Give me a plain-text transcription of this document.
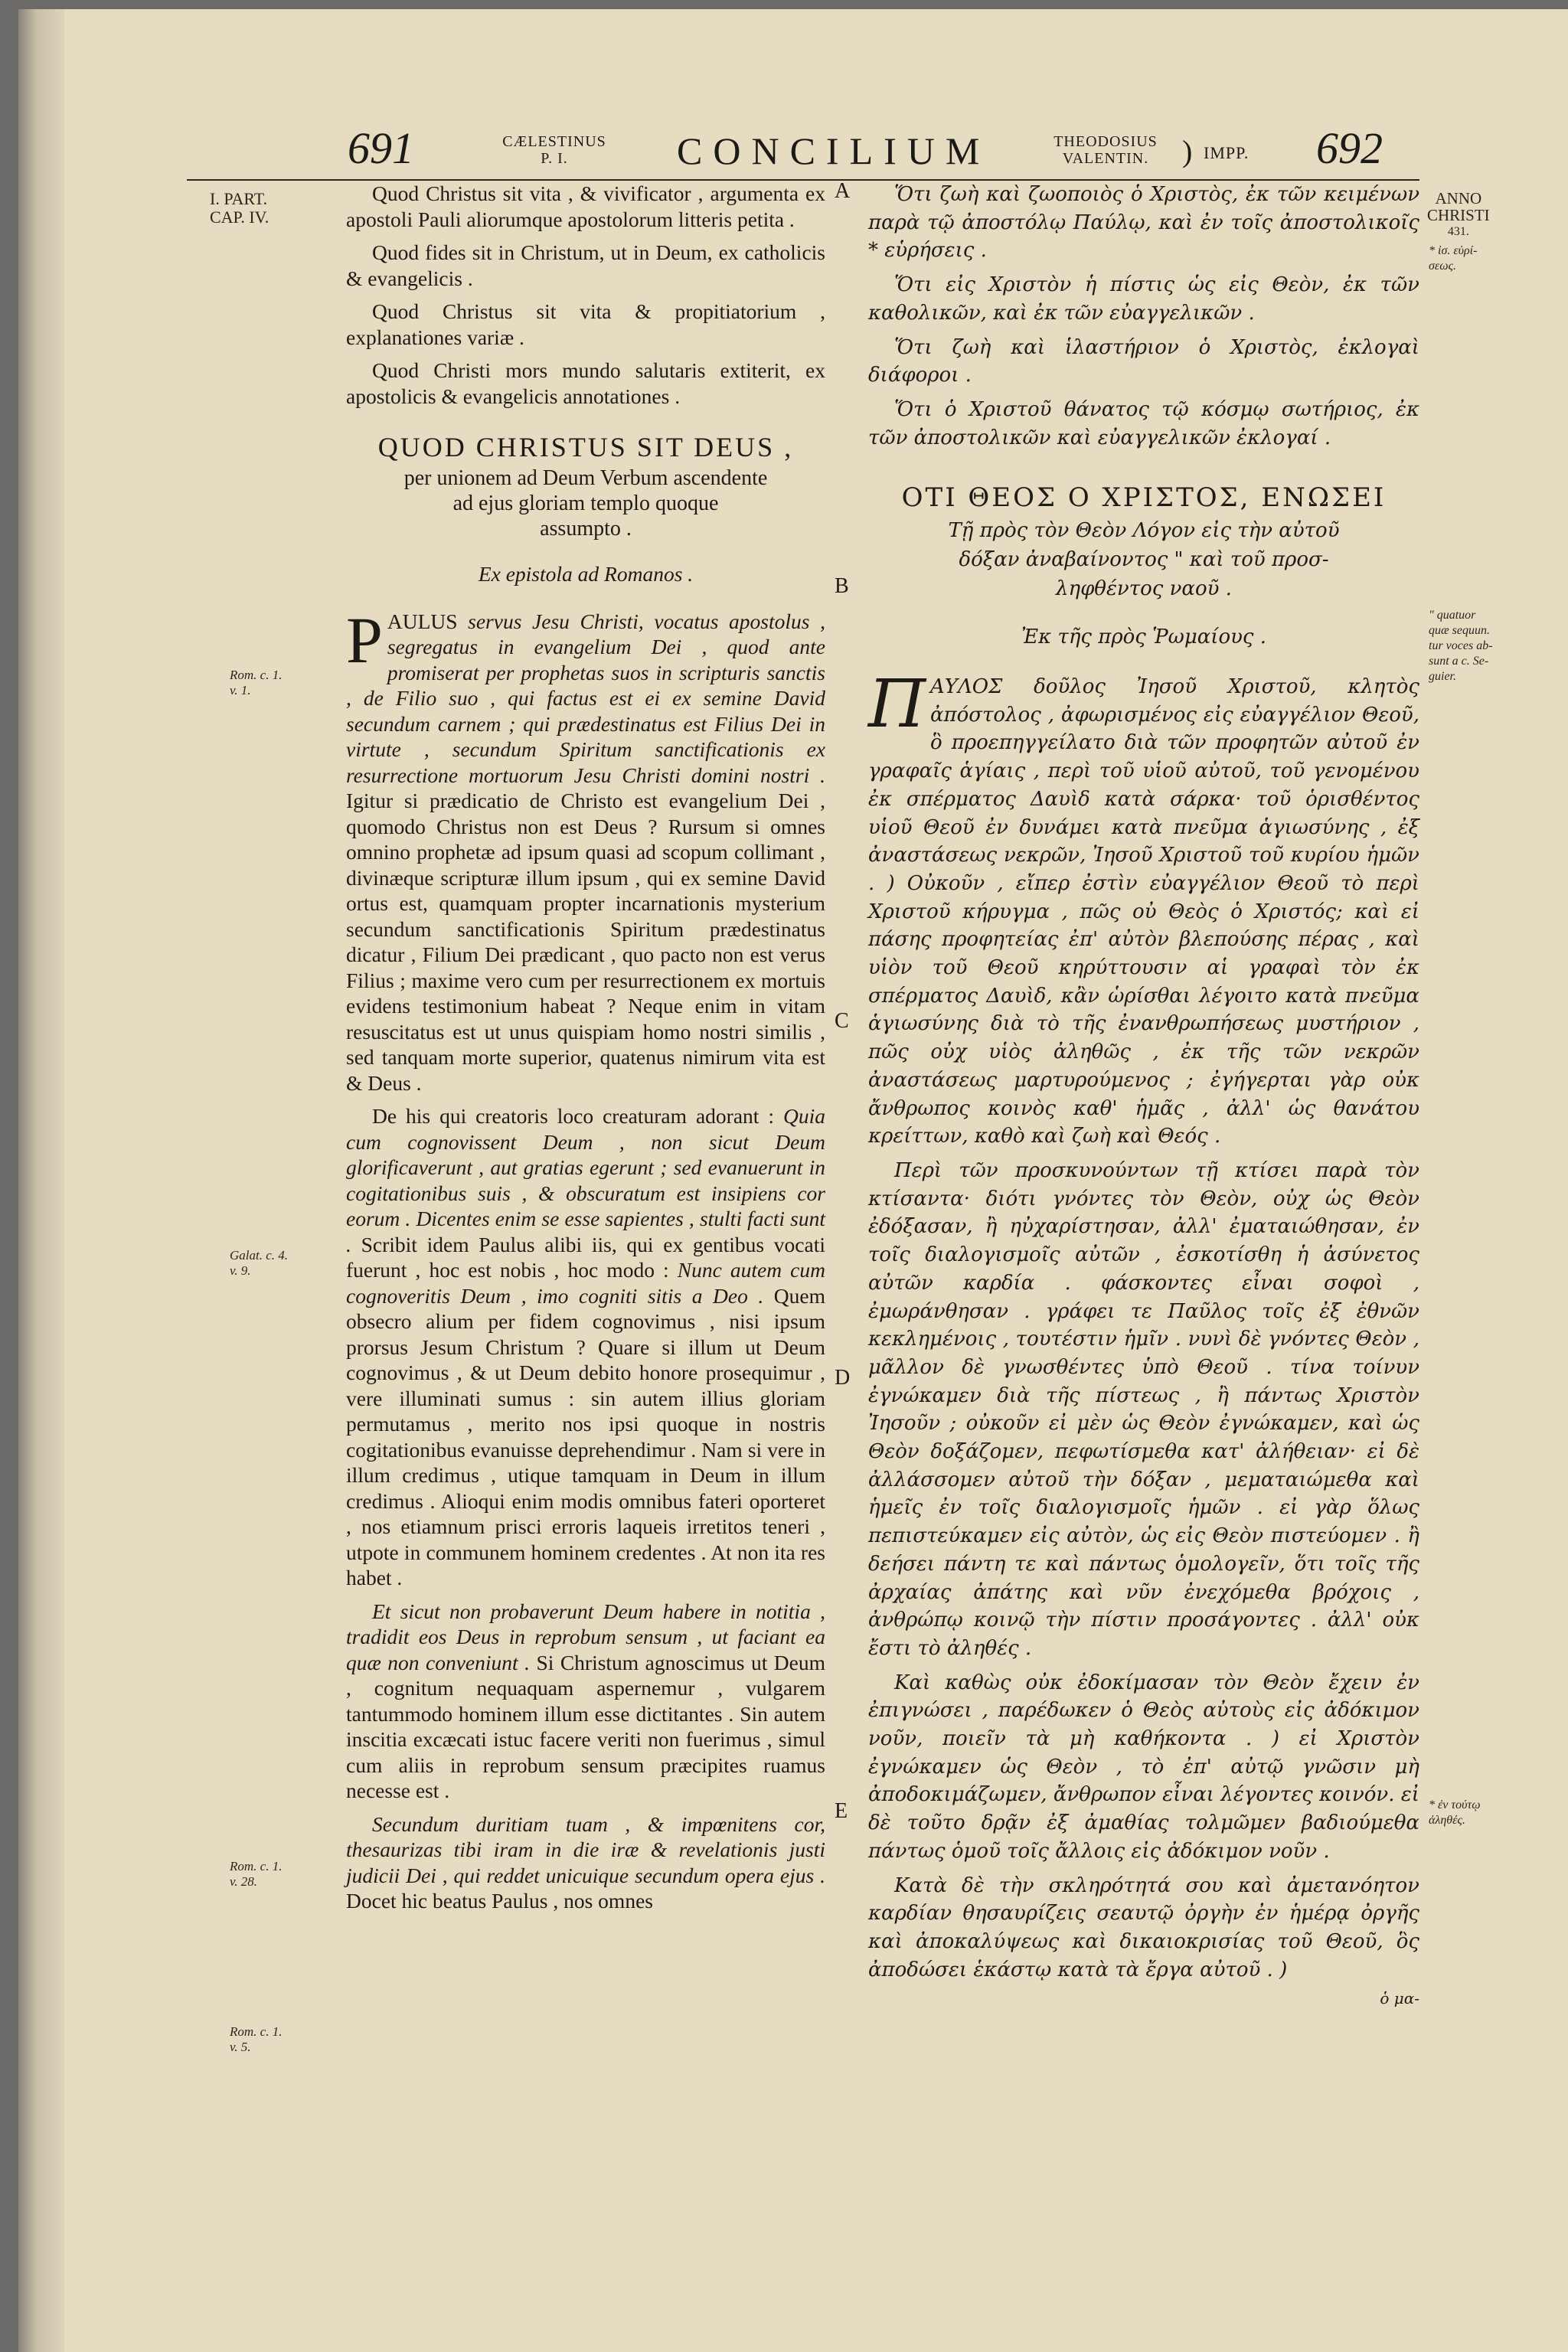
691	CÆLESTINUS
P. I.	CONCILIUM	THEODOSIUS
VALENTIN.	) IMPP. 692
I. PART.
CAP. IV.
Rom. c. 1.
v. 1.
Galat. c. 4.
v. 9.
Rom. c. 1.
v. 28.
Rom. c. 1.
v. 5.
ANNO
CHRISTI
431.
* ἰσ. εὑρί-
σεως.
" quatuor
quæ sequun.
tur voces ab-
sunt a c. Se-
guier.
* ἐν τούτῳ
ἀληθές.
A
B
C
D
E

Quod Christus sit vita , & vivificator , argumenta ex apostoli Pauli aliorumque apostolorum litteris petita .

Quod fides sit in Christum, ut in Deum, ex catholicis & evangelicis .

Quod Christus sit vita & propitiatorium , explanationes variæ .

Quod Christi mors mundo salutaris extiterit, ex apostolicis & evangelicis annotationes .

QUOD CHRISTUS SIT DEUS ,
per unionem ad Deum Verbum ascendente
ad ejus gloriam templo quoque
assumpto .
Ex epistola ad Romanos .

PAULUS servus Jesu Christi, vocatus apostolus , segregatus in evangelium Dei , quod ante promiserat per prophetas suos in scripturis sanctis , de Filio suo , qui factus est ei ex semine David secundum carnem ; qui prædestinatus est Filius Dei in virtute , secundum Spiritum sanctificationis ex resurrectione mortuorum Jesu Christi domini nostri . Igitur si prædicatio de Christo est evangelium Dei , quomodo Christus non est Deus ? Rursum si omnes omnino prophetæ ad ipsum quasi ad scopum collimant , divinæque scripturæ illum ipsum , qui ex semine David ortus est, quamquam propter incarnationis mysterium secundum sanctificationis Spiritum prædestinatus dicatur , Filium Dei prædicant , quo pacto non est verus Filius ; maxime vero cum per resurrectionem ex mortuis evidens testimonium habeat ? Neque enim in vitam resuscitatus est ut unus quispiam homo nostri similis , sed tanquam morte superior, quatenus nimirum vita est & Deus .

De his qui creatoris loco creaturam adorant : Quia cum cognovissent Deum , non sicut Deum glorificaverunt , aut gratias egerunt ; sed evanuerunt in cogitationibus suis , & obscuratum est insipiens cor eorum . Dicentes enim se esse sapientes , stulti facti sunt . Scribit idem Paulus alibi iis, qui ex gentibus vocati fuerunt , hoc est nobis , hoc modo : Nunc autem cum cognoveritis Deum , imo cogniti sitis a Deo . Quem obsecro alium per fidem cognovimus , nisi ipsum prorsus Jesum Christum ? Quare si illum ut Deum cognovimus , & ut Deum debito honore prosequimur , vere illuminati sumus : sin autem illius gloriam permutamus , merito nos ipsi quoque in nostris cogitationibus evanuisse deprehendimur . Nam si vere in illum credimus , utique tamquam in Deum in illum credimus . Alioqui enim modis omnibus fateri oporteret , nos etiamnum prisci erroris laqueis irretitos teneri , utpote in communem hominem credentes . At non ita res habet .

Et sicut non probaverunt Deum habere in notitia , tradidit eos Deus in reprobum sensum , ut faciant ea quæ non conveniunt . Si Christum agnoscimus ut Deum , cognitum nequaquam aspernemur , vulgarem tantummodo hominem illum esse dictitantes . Sin autem inscitia excæcati istuc facere veriti non fuerimus , simul cum aliis in reprobum sensum præcipites ruamus necesse est .

Secundum duritiam tuam , & impœnitens cor, thesaurizas tibi iram in die iræ & revelationis justi judicii Dei , qui reddet unicuique secundum opera ejus . Docet hic beatus Paulus , nos omnes

Ὅτι ζωὴ καὶ ζωοποιὸς ὁ Χριστὸς, ἐκ τῶν κειμένων παρὰ τῷ ἀποστόλῳ Παύλῳ, καὶ ἐν τοῖς ἀποστολικοῖς * εὑρήσεις .

Ὅτι εἰς Χριστὸν ἡ πίστις ὡς εἰς Θεὸν, ἐκ τῶν καθολικῶν, καὶ ἐκ τῶν εὐαγγελικῶν .

Ὅτι ζωὴ καὶ ἱλαστήριον ὁ Χριστὸς, ἐκλογαὶ διάφοροι .

Ὅτι ὁ Χριστοῦ θάνατος τῷ κόσμῳ σωτήριος, ἐκ τῶν ἀποστολικῶν καὶ εὐαγγελικῶν ἐκλογαί .

ΟΤΙ ΘΕΟΣ Ο ΧΡΙΣΤΟΣ, ΕΝΩΣΕΙ
Τῇ πρὸς τὸν Θεὸν Λόγον εἰς τὴν αὐτοῦ
δόξαν ἀναβαίνοντος " καὶ τοῦ προσ-
ληφθέντος ναοῦ .
Ἐκ τῆς πρὸς Ῥωμαίους .

ΠΑΥΛΟΣ δοῦλος Ἰησοῦ Χριστοῦ, κλητὸς ἀπόστολος , ἀφωρισμένος εἰς εὐαγγέλιον Θεοῦ, ὃ προεπηγγείλατο διὰ τῶν προφητῶν αὐτοῦ ἐν γραφαῖς ἁγίαις , περὶ τοῦ υἱοῦ αὐτοῦ, τοῦ γενομένου ἐκ σπέρματος Δαυὶδ κατὰ σάρκα· τοῦ ὁρισθέντος υἱοῦ Θεοῦ ἐν δυνάμει κατὰ πνεῦμα ἁγιωσύνης , ἐξ ἀναστάσεως νεκρῶν, Ἰησοῦ Χριστοῦ τοῦ κυρίου ἡμῶν . ) Οὐκοῦν , εἴπερ ἐστὶν εὐαγγέλιον Θεοῦ τὸ περὶ Χριστοῦ κήρυγμα , πῶς οὐ Θεὸς ὁ Χριστός; καὶ εἰ πάσης προφητείας ἐπ' αὐτὸν βλεπούσης πέρας , καὶ υἱὸν τοῦ Θεοῦ κηρύττουσιν αἱ γραφαὶ τὸν ἐκ σπέρματος Δαυὶδ, κἂν ὡρίσθαι λέγοιτο κατὰ πνεῦμα ἁγιωσύνης διὰ τὸ τῆς ἐνανθρωπήσεως μυστήριον , πῶς οὐχ υἱὸς ἀληθῶς , ἐκ τῆς τῶν νεκρῶν ἀναστάσεως μαρτυρούμενος ; ἐγήγερται γὰρ οὐκ ἄνθρωπος κοινὸς καθ' ἡμᾶς , ἀλλ' ὡς θανάτου κρείττων, καθὸ καὶ ζωὴ καὶ Θεός .

Περὶ τῶν προσκυνούντων τῇ κτίσει παρὰ τὸν κτίσαντα· διότι γνόντες τὸν Θεὸν, οὐχ ὡς Θεὸν ἐδόξασαν, ἢ ηὐχαρίστησαν, ἀλλ' ἐματαιώθησαν, ἐν τοῖς διαλογισμοῖς αὐτῶν , ἐσκοτίσθη ἡ ἀσύνετος αὐτῶν καρδία . φάσκοντες εἶναι σοφοὶ , ἐμωράνθησαν . γράφει τε Παῦλος τοῖς ἐξ ἐθνῶν κεκλημένοις , τουτέστιν ἡμῖν . νυνὶ δὲ γνόντες Θεὸν , μᾶλλον δὲ γνωσθέντες ὑπὸ Θεοῦ . τίνα τοίνυν ἐγνώκαμεν διὰ τῆς πίστεως , ἢ πάντως Χριστὸν Ἰησοῦν ; οὐκοῦν εἰ μὲν ὡς Θεὸν ἐγνώκαμεν, καὶ ὡς Θεὸν δοξάζομεν, πεφωτίσμεθα κατ' ἀλήθειαν· εἰ δὲ ἀλλάσσομεν αὐτοῦ τὴν δόξαν , μεματαιώμεθα καὶ ἡμεῖς ἐν τοῖς διαλογισμοῖς ἡμῶν . εἰ γὰρ ὅλως πεπιστεύκαμεν εἰς αὐτὸν, ὡς εἰς Θεὸν πιστεύομεν . ἢ δεήσει πάντη τε καὶ πάντως ὁμολογεῖν, ὅτι τοῖς τῆς ἀρχαίας ἀπάτης καὶ νῦν ἐνεχόμεθα βρόχοις , ἀνθρώπῳ κοινῷ τὴν πίστιν προσάγοντες . ἀλλ' οὐκ ἔστι τὸ ἀληθές .

Καὶ καθὼς οὐκ ἐδοκίμασαν τὸν Θεὸν ἔχειν ἐν ἐπιγνώσει , παρέδωκεν ὁ Θεὸς αὐτοὺς εἰς ἀδόκιμον νοῦν, ποιεῖν τὰ μὴ καθήκοντα . ) εἰ Χριστὸν ἐγνώκαμεν ὡς Θεὸν , τὸ ἐπ' αὐτῷ γνῶσιν μὴ ἀποδοκιμάζωμεν, ἄνθρωπον εἶναι λέγοντες κοινόν. εἰ δὲ τοῦτο δρᾷν ἐξ ἀμαθίας τολμῶμεν βαδιούμεθα πάντως ὁμοῦ τοῖς ἄλλοις εἰς ἀδόκιμον νοῦν .

Κατὰ δὲ τὴν σκληρότητά σου καὶ ἀμετανόητον καρδίαν θησαυρίζεις σεαυτῷ ὀργὴν ἐν ἡμέρᾳ ὀργῆς καὶ ἀποκαλύψεως καὶ δικαιοκρισίας τοῦ Θεοῦ, ὃς ἀποδώσει ἑκάστῳ κατὰ τὰ ἔργα αὐτοῦ . )

ὁ μα-
